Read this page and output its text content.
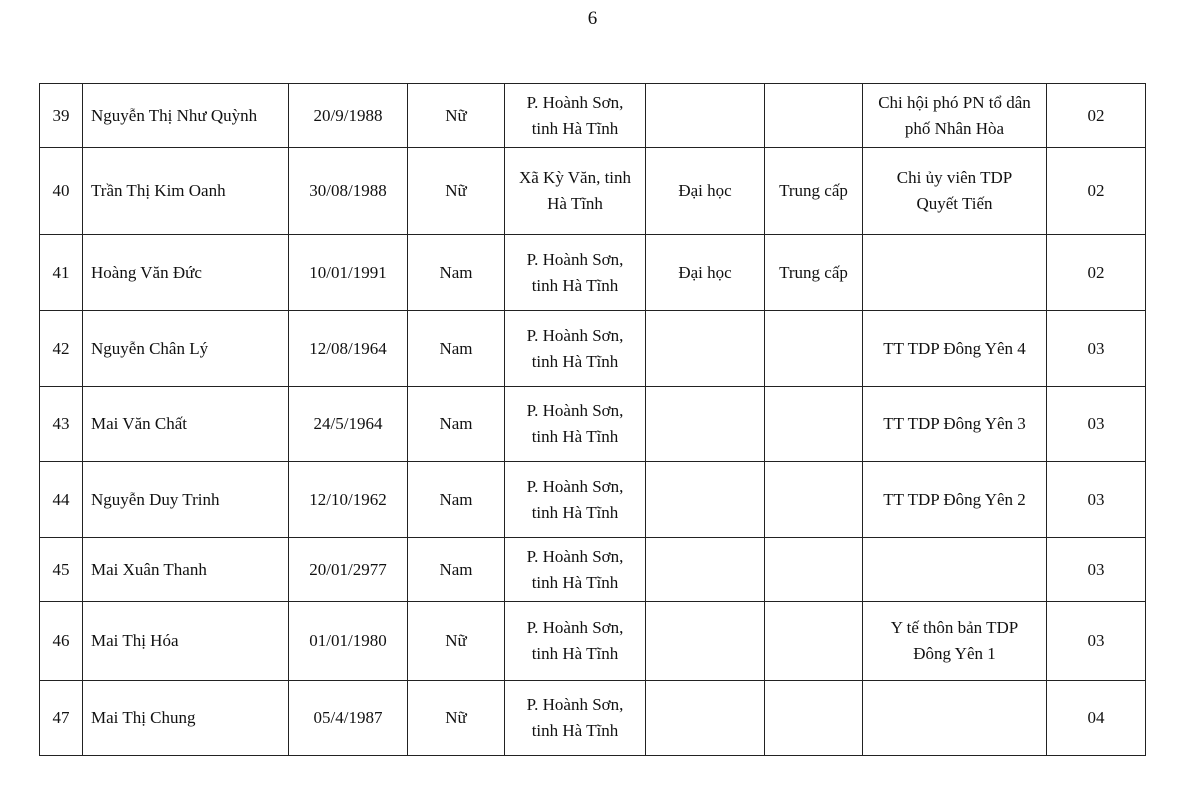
6
39	Nguyễn Thị Như Quỳnh	20/9/1988	Nữ	P. Hoành Sơn,
tinh Hà Tĩnh			Chi hội phó PN tổ dân
phố Nhân Hòa	02
40	Trần Thị Kim Oanh	30/08/1988	Nữ	Xã Kỳ Văn, tinh
Hà Tĩnh	Đại học	Trung cấp	Chi ủy viên TDP
Quyết Tiến	02
41	Hoàng Văn Đức	10/01/1991	Nam	P. Hoành Sơn,
tinh Hà Tĩnh	Đại học	Trung cấp		02
42	Nguyễn Chân Lý	12/08/1964	Nam	P. Hoành Sơn,
tinh Hà Tĩnh			TT TDP Đông Yên 4	03
43	Mai Văn Chất	24/5/1964	Nam	P. Hoành Sơn,
tinh Hà Tĩnh			TT TDP Đông Yên 3	03
44	Nguyễn Duy Trinh	12/10/1962	Nam	P. Hoành Sơn,
tinh Hà Tĩnh			TT TDP Đông Yên 2	03
45	Mai Xuân Thanh	20/01/2977	Nam	P. Hoành Sơn,
tinh Hà Tĩnh				03
46	Mai Thị Hóa	01/01/1980	Nữ	P. Hoành Sơn,
tinh Hà Tĩnh			Y tế thôn bản TDP
Đông Yên 1	03
47	Mai Thị Chung	05/4/1987	Nữ	P. Hoành Sơn,
tinh Hà Tĩnh				04
